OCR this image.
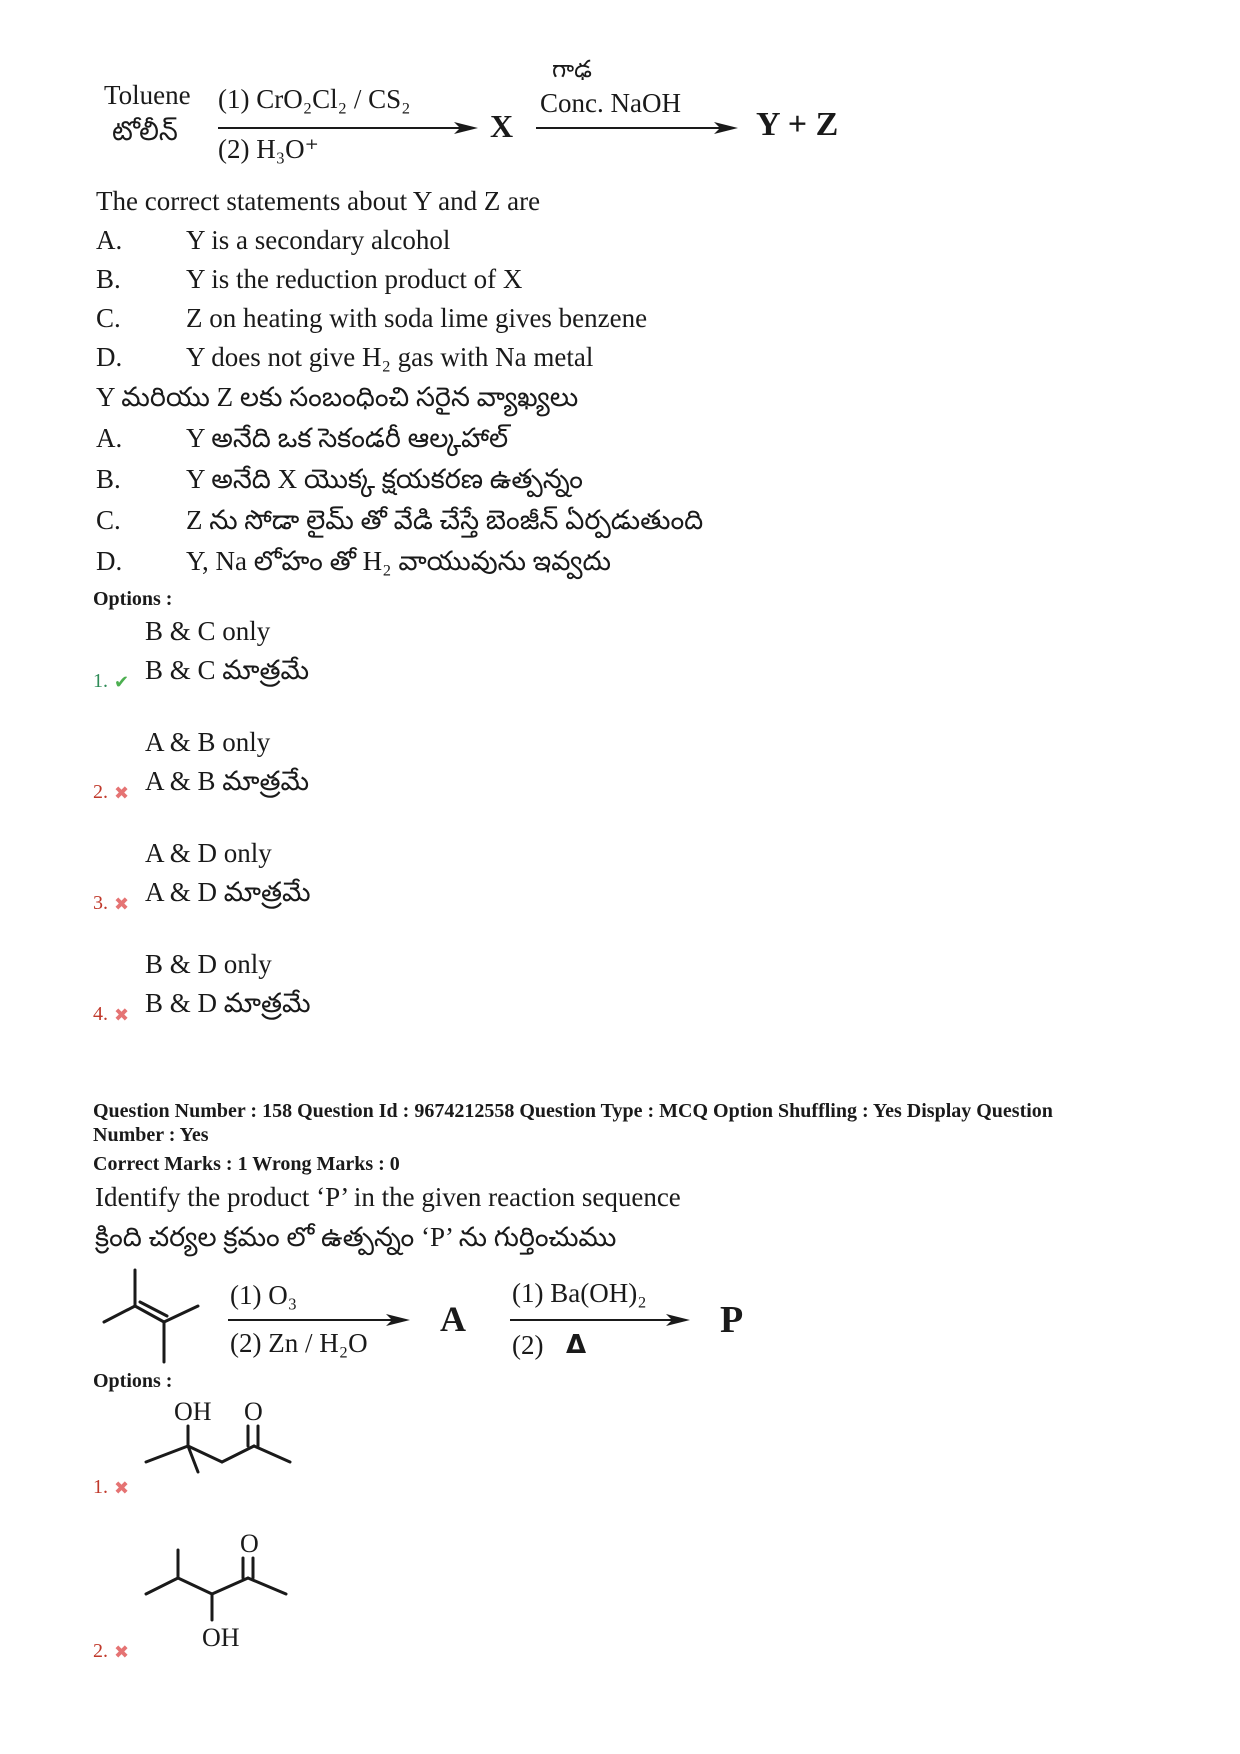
Toluene
టోలీన్
(1) CrO₂Cl₂ / CS₂
(2) H₃O⁺
X
గాఢ
Conc. NaOH
Y + Z
The correct statements about Y and Z are
A. Y is a secondary alcohol
B. Y is the reduction product of X
C. Z on heating with soda lime gives benzene
D. Y does not give H₂ gas with Na metal
Y మరియు Z లకు సంబంధించి సరైన వ్యాఖ్యలు
A. Y అనేది ఒక సెకండరీ ఆల్కహాల్
B. Y అనేది X యొక్క క్షయకరణ ఉత్పన్నం
C. Z ను సోడా లైమ్ తో వేడి చేస్తే బెంజీన్ ఏర్పడుతుంది
D. Y, Na లోహం తో H₂ వాయువును ఇవ్వదు
Options :
B & C only
1. ✔ B & C మాత్రమే
A & B only
2. ✖ A & B మాత్రమే
A & D only
3. ✖ A & D మాత్రమే
B & D only
4. ✖ B & D మాత్రమే
Question Number : 158 Question Id : 9674212558 Question Type : MCQ Option Shuffling : Yes Display Question
Number : Yes
Correct Marks : 1 Wrong Marks : 0
Identify the product ‘P’ in the given reaction sequence
క్రింది చర్యల క్రమం లో ఉత్పన్నం ‘P’ ను గుర్తించుము
(1) O₃
(2) Zn / H₂O
A
(1) Ba(OH)₂
(2) Δ
P
Options :
1. ✖
OH O
2. ✖
O
OH
